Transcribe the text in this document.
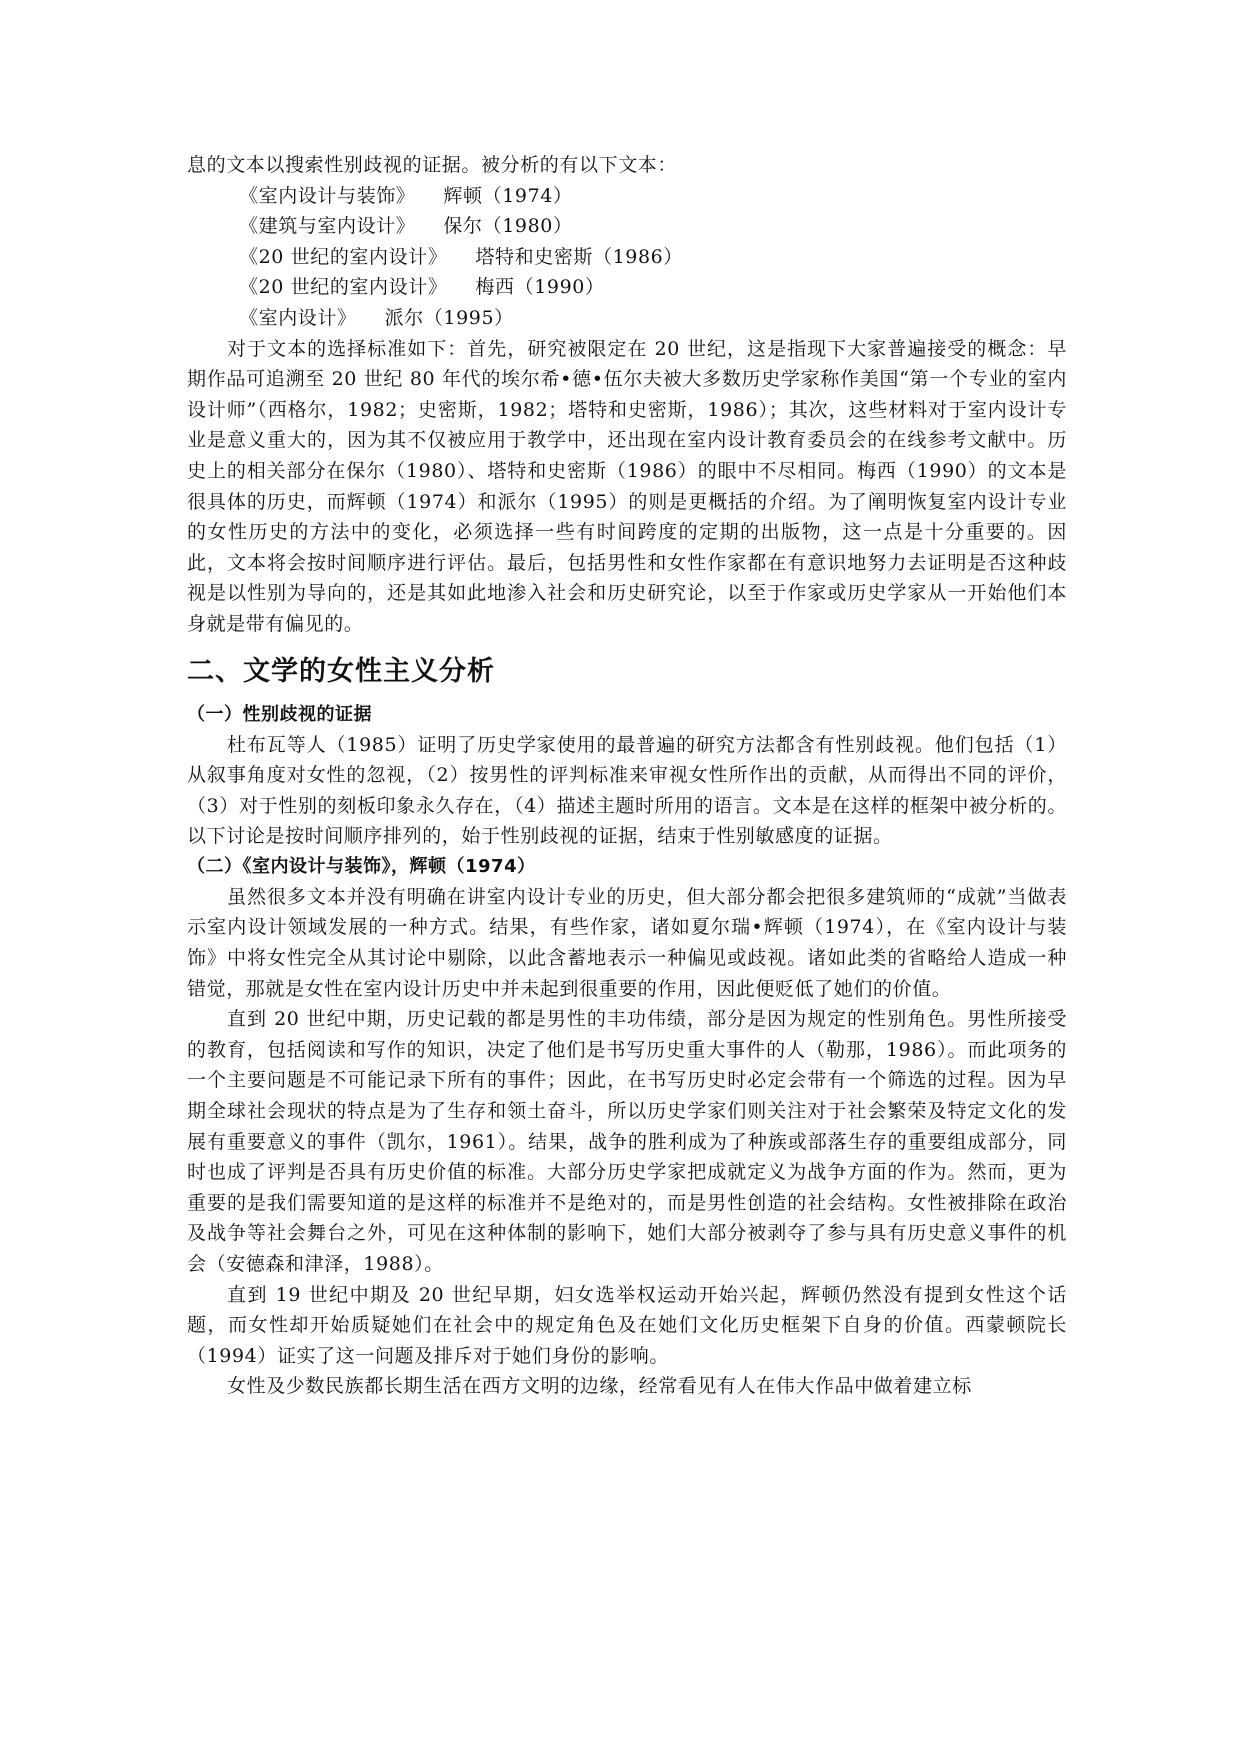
息的文本以搜索性别歧视的证据。被分析的有以下文本：

《室内设计与装饰》 辉顿（1974）
《建筑与室内设计》 保尔（1980）
《20 世纪的室内设计》 塔特和史密斯（1986）
《20 世纪的室内设计》 梅西（1990）
《室内设计》 派尔（1995）

对于文本的选择标准如下：首先，研究被限定在 20 世纪，这是指现下大家普遍接受的概念：早期作品可追溯至 20 世纪 80 年代的埃尔希•德•伍尔夫被大多数历史学家称作美国“第一个专业的室内设计师”（西格尔，1982；史密斯，1982；塔特和史密斯，1986）；其次，这些材料对于室内设计专业是意义重大的，因为其不仅被应用于教学中，还出现在室内设计教育委员会的在线参考文献中。历史上的相关部分在保尔（1980）、塔特和史密斯（1986）的眼中不尽相同。梅西（1990）的文本是很具体的历史，而辉顿（1974）和派尔（1995）的则是更概括的介绍。为了阐明恢复室内设计专业的女性历史的方法中的变化，必须选择一些有时间跨度的定期的出版物，这一点是十分重要的。因此，文本将会按时间顺序进行评估。最后，包括男性和女性作家都在有意识地努力去证明是否这种歧视是以性别为导向的，还是其如此地渗入社会和历史研究论，以至于作家或历史学家从一开始他们本身就是带有偏见的。

二、文学的女性主义分析
（一）性别歧视的证据

杜布瓦等人（1985）证明了历史学家使用的最普遍的研究方法都含有性别歧视。他们包括（1）从叙事角度对女性的忽视，（2）按男性的评判标准来审视女性所作出的贡献，从而得出不同的评价，（3）对于性别的刻板印象永久存在，（4）描述主题时所用的语言。文本是在这样的框架中被分析的。以下讨论是按时间顺序排列的，始于性别歧视的证据，结束于性别敏感度的证据。

（二）《室内设计与装饰》，辉顿（1974）

虽然很多文本并没有明确在讲室内设计专业的历史，但大部分都会把很多建筑师的“成就”当做表示室内设计领域发展的一种方式。结果，有些作家，诸如夏尔瑞•辉顿（1974），在《室内设计与装饰》中将女性完全从其讨论中剔除，以此含蓄地表示一种偏见或歧视。诸如此类的省略给人造成一种错觉，那就是女性在室内设计历史中并未起到很重要的作用，因此便贬低了她们的价值。

直到 20 世纪中期，历史记载的都是男性的丰功伟绩，部分是因为规定的性别角色。男性所接受的教育，包括阅读和写作的知识，决定了他们是书写历史重大事件的人（勒那，1986）。而此项务的一个主要问题是不可能记录下所有的事件；因此，在书写历史时必定会带有一个筛选的过程。因为早期全球社会现状的特点是为了生存和领土奋斗，所以历史学家们则关注对于社会繁荣及特定文化的发展有重要意义的事件（凯尔，1961）。结果，战争的胜利成为了种族或部落生存的重要组成部分，同时也成了评判是否具有历史价值的标准。大部分历史学家把成就定义为战争方面的作为。然而，更为重要的是我们需要知道的是这样的标准并不是绝对的，而是男性创造的社会结构。女性被排除在政治及战争等社会舞台之外，可见在这种体制的影响下，她们大部分被剥夺了参与具有历史意义事件的机会（安德森和津泽，1988）。

直到 19 世纪中期及 20 世纪早期，妇女选举权运动开始兴起，辉顿仍然没有提到女性这个话题，而女性却开始质疑她们在社会中的规定角色及在她们文化历史框架下自身的价值。西蒙顿院长（1994）证实了这一问题及排斥对于她们身份的影响。

女性及少数民族都长期生活在西方文明的边缘，经常看见有人在伟大作品中做着建立标
